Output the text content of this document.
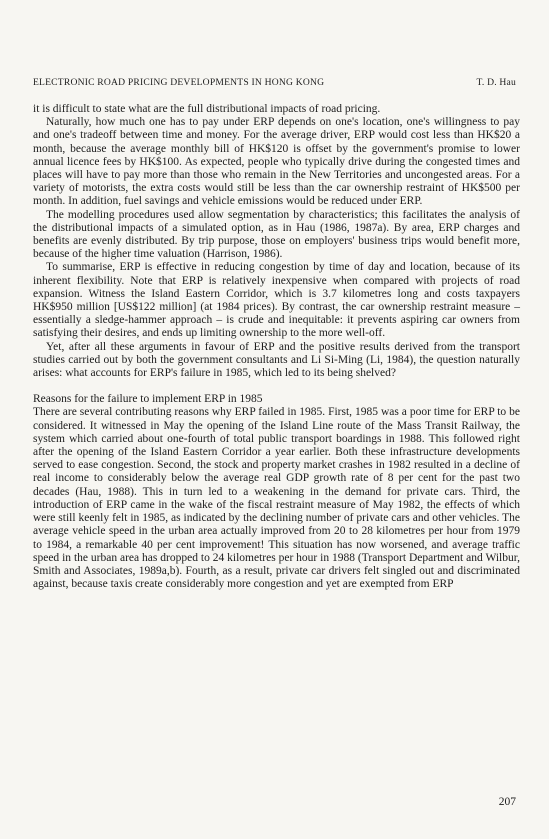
ELECTRONIC ROAD PRICING DEVELOPMENTS IN HONG KONG	T. D. Hau

it is difficult to state what are the full distributional impacts of road pricing.

Naturally, how much one has to pay under ERP depends on one's location, one's willingness to pay and one's tradeoff between time and money. For the average driver, ERP would cost less than HK$20 a month, because the average monthly bill of HK$120 is offset by the government's promise to lower annual licence fees by HK$100. As expected, people who typically drive during the congested times and places will have to pay more than those who remain in the New Territories and uncongested areas. For a variety of motorists, the extra costs would still be less than the car ownership restraint of HK$500 per month. In addition, fuel savings and vehicle emissions would be reduced under ERP.

The modelling procedures used allow segmentation by characteristics; this facilitates the analysis of the distributional impacts of a simulated option, as in Hau (1986, 1987a). By area, ERP charges and benefits are evenly distributed. By trip purpose, those on employers' business trips would benefit more, because of the higher time valuation (Harrison, 1986).

To summarise, ERP is effective in reducing congestion by time of day and location, because of its inherent flexibility. Note that ERP is relatively inexpensive when compared with projects of road expansion. Witness the Island Eastern Corridor, which is 3.7 kilometres long and costs taxpayers HK$950 million [US$122 million] (at 1984 prices). By contrast, the car ownership restraint measure – essentially a sledge-hammer approach – is crude and inequitable: it prevents aspiring car owners from satisfying their desires, and ends up limiting ownership to the more well-off.

Yet, after all these arguments in favour of ERP and the positive results derived from the transport studies carried out by both the government consultants and Li Si-Ming (Li, 1984), the question naturally arises: what accounts for ERP's failure in 1985, which led to its being shelved?

Reasons for the failure to implement ERP in 1985

There are several contributing reasons why ERP failed in 1985. First, 1985 was a poor time for ERP to be considered. It witnessed in May the opening of the Island Line route of the Mass Transit Railway, the system which carried about one-fourth of total public transport boardings in 1988. This followed right after the opening of the Island Eastern Corridor a year earlier. Both these infrastructure developments served to ease congestion. Second, the stock and property market crashes in 1982 resulted in a decline of real income to considerably below the average real GDP growth rate of 8 per cent for the past two decades (Hau, 1988). This in turn led to a weakening in the demand for private cars. Third, the introduction of ERP came in the wake of the fiscal restraint measure of May 1982, the effects of which were still keenly felt in 1985, as indicated by the declining number of private cars and other vehicles. The average vehicle speed in the urban area actually improved from 20 to 28 kilometres per hour from 1979 to 1984, a remarkable 40 per cent improvement! This situation has now worsened, and average traffic speed in the urban area has dropped to 24 kilometres per hour in 1988 (Transport Department and Wilbur, Smith and Associates, 1989a,b). Fourth, as a result, private car drivers felt singled out and discriminated against, because taxis create considerably more congestion and yet are exempted from ERP

207
